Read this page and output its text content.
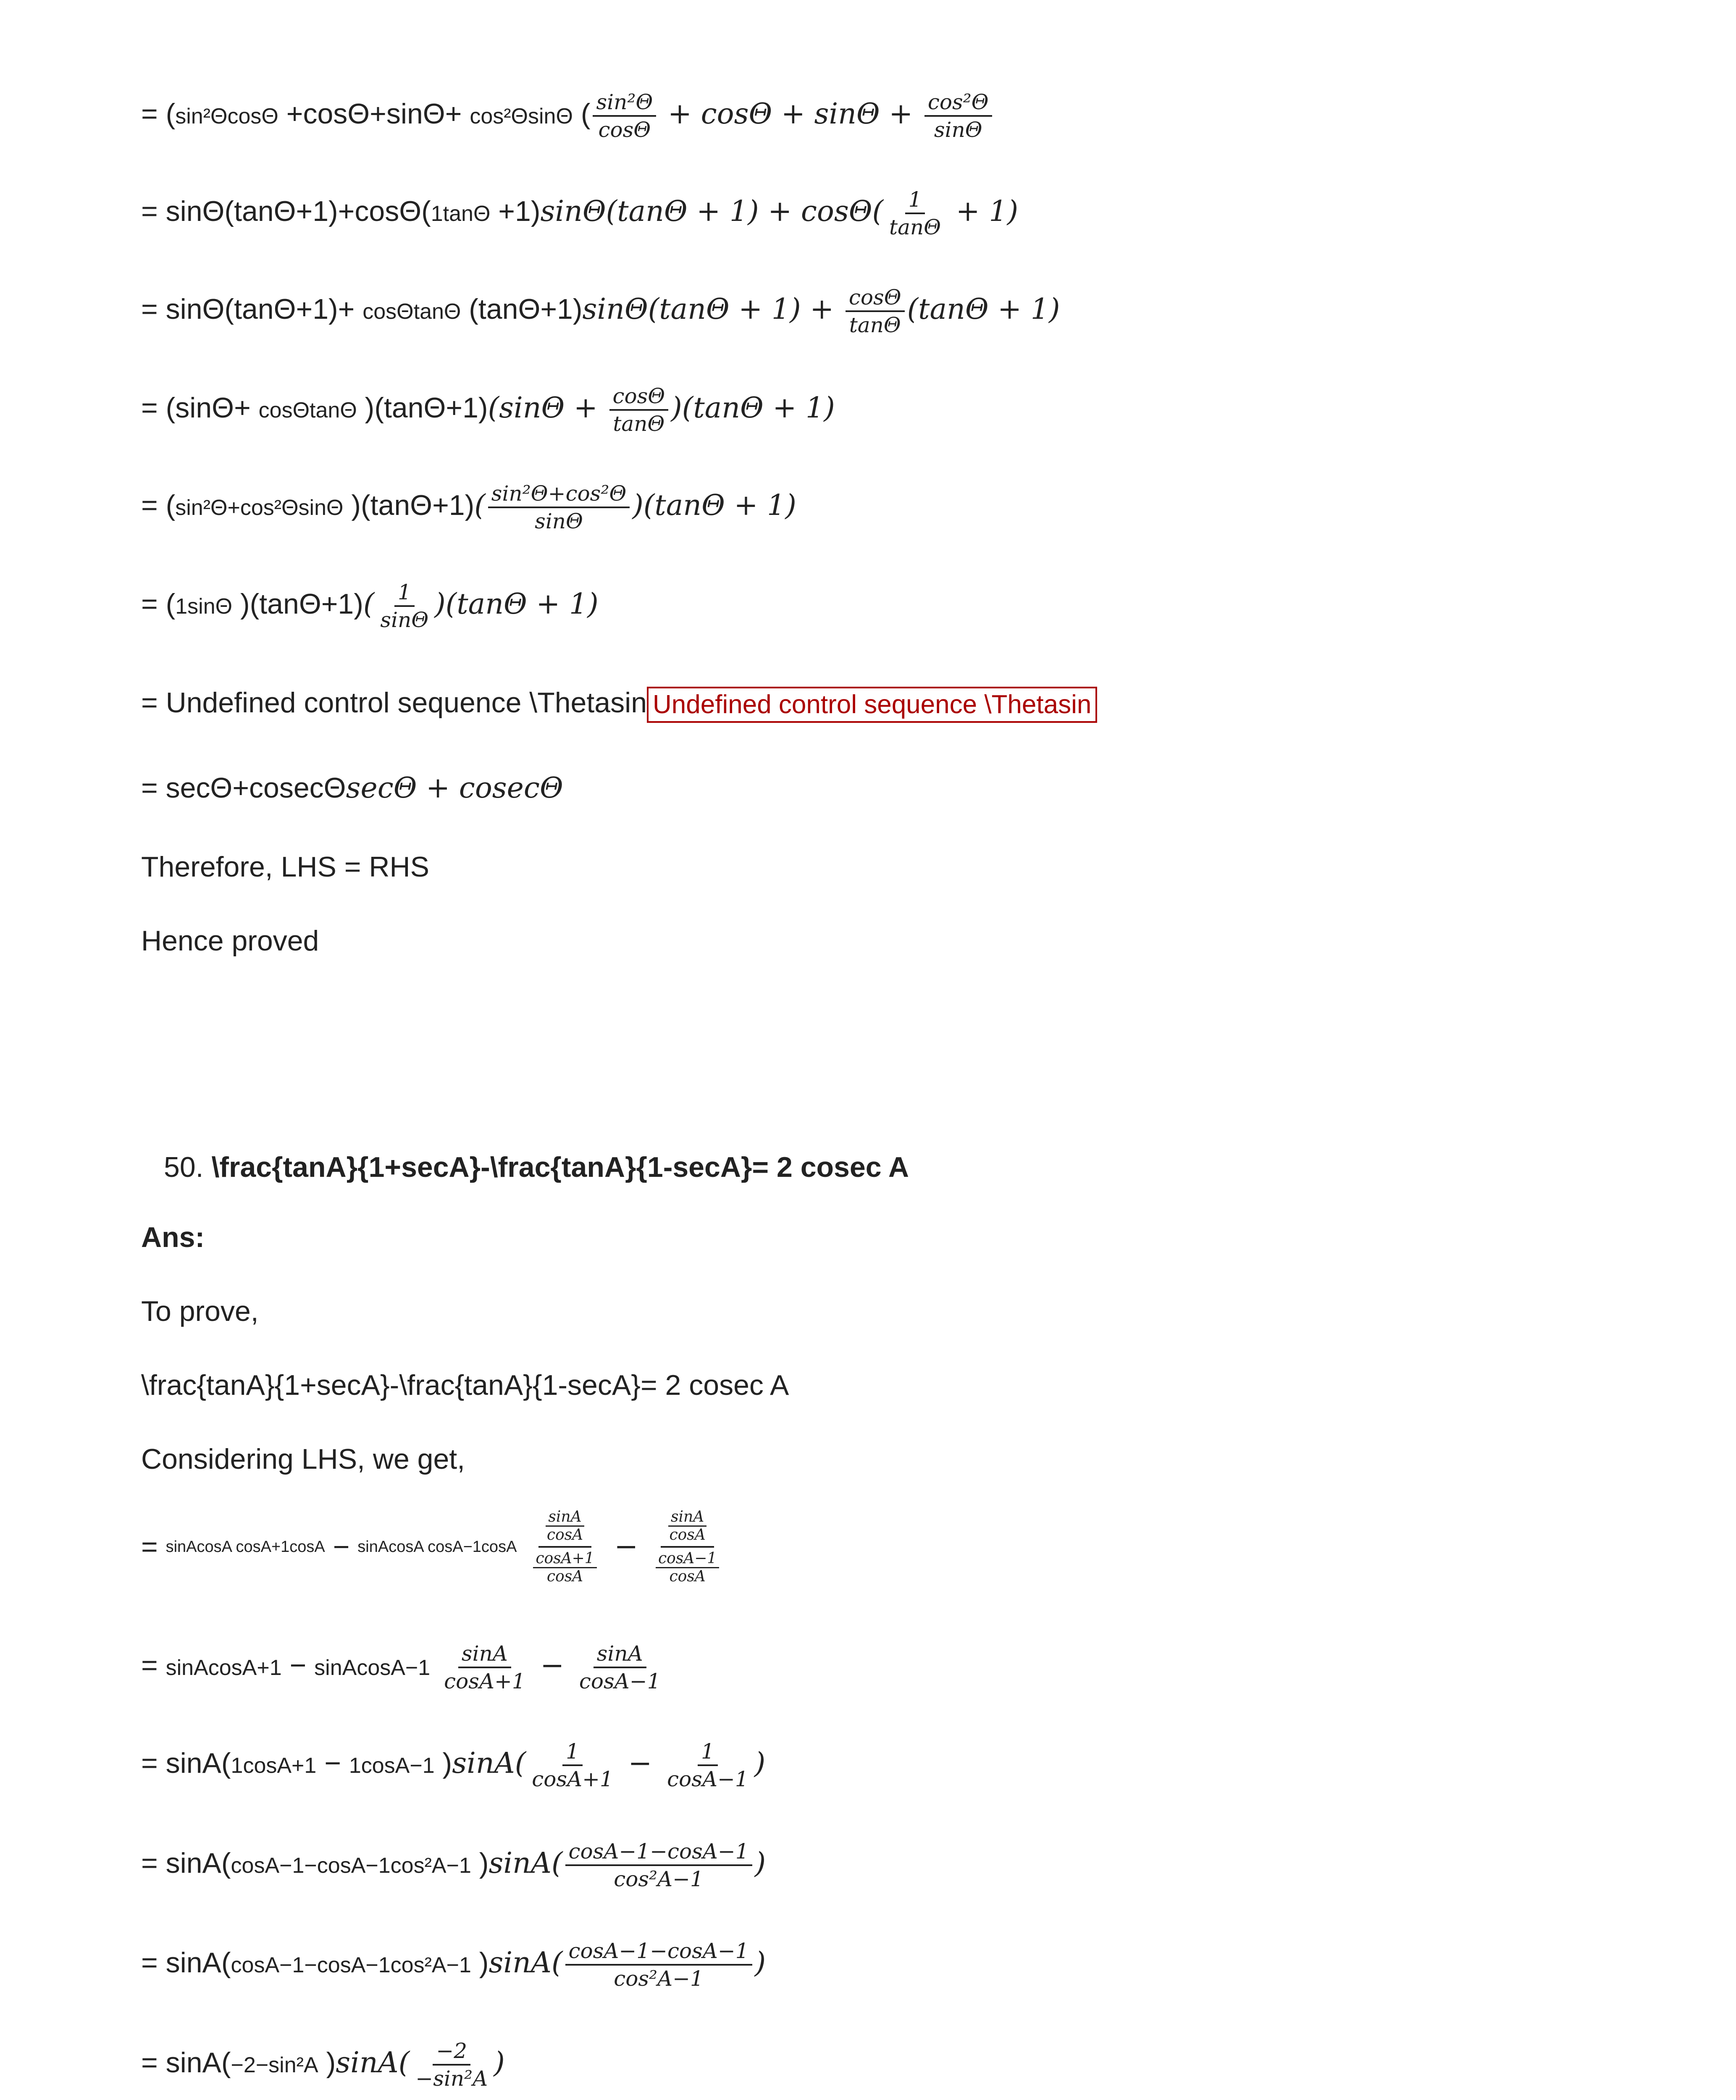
= (sin²ΘcosΘ +cosΘ+sinΘ+ cos²ΘsinΘ ( $\frac{\text{sin²Θ}}{\cos\Theta} + \cos\Theta + \sin\Theta + \frac{\text{cos²Θ}}{\sin\Theta}$
= $\sin\Theta(\tan\Theta+1)+\cos\Theta(1\tan\Theta +1)\sin\Theta(\tan\Theta + 1) + \cos\Theta( \frac{1}{\tan\Theta} + 1)$
= sinΘ(tanΘ+1)+ cosΘtanΘ $(\tan\Theta+1)\sin\Theta(\tan\Theta + 1) + \frac{\cos\Theta}{\tan\Theta} (\tan\Theta + 1)$
= (sinΘ+ cosΘtanΘ )$(\tan\Theta+1)(\sin\Theta + \frac{\cos\Theta}{\tan\Theta} )(\tan\Theta + 1)$
= (sin²Θ+cos²ΘsinΘ )$(\tan\Theta+1)( \frac{\text{sin²Θ+cos²Θ}}{\sin\Theta} )(\tan\Theta + 1)$
= (1sinΘ )$(\tan\Theta+1)( \frac{1}{\sin\Theta} )(\tan\Theta + 1)$
= Undefined control sequence \Thetasin Undefined control sequence \Thetasin
= secΘ+cosecΘsecΘ + cosecΘ
Therefore, LHS = RHS
Hence proved
50. \frac{tanA}{1+secA}-\frac{tanA}{1-secA}= 2 cosec A
Ans:
To prove,
\frac{tanA}{1+secA}-\frac{tanA}{1-secA}= 2 cosec A
Considering LHS, we get,
= sinAcosA cosA+1cosA − sinAcosA $\cos A-1\cos A \frac{\frac{\sin A}{\cos A}}{\frac{\cos A+1}{\cos A}} - \frac{\frac{\sin A}{\cos A}}{\frac{\cos A-1}{\cos A}}$
= sinAcosA+1 − sinAcosA−1 $\frac{\sin A}{\cos A+1} - \frac{\sin A}{\cos A-1}$
= sinA(1cosA+1 − 1cosA−1 )$\sin A( \frac{1}{\cos A+1} - \frac{1}{\cos A-1}$ )
= sinA(cosA−1−cosA−1cos²A−1 )$\sin A( \frac{\cos A-1-\cos A-1}{\text{cos²A−1}}$ )
= sinA(cosA−1−cosA−1cos²A−1 )$\sin A( \frac{\cos A-1-\cos A-1}{\text{cos²A−1}}$ )
= sinA(−2−sin²A )$\sin A( \frac{-2}{\text{−sin²A}}$ )
